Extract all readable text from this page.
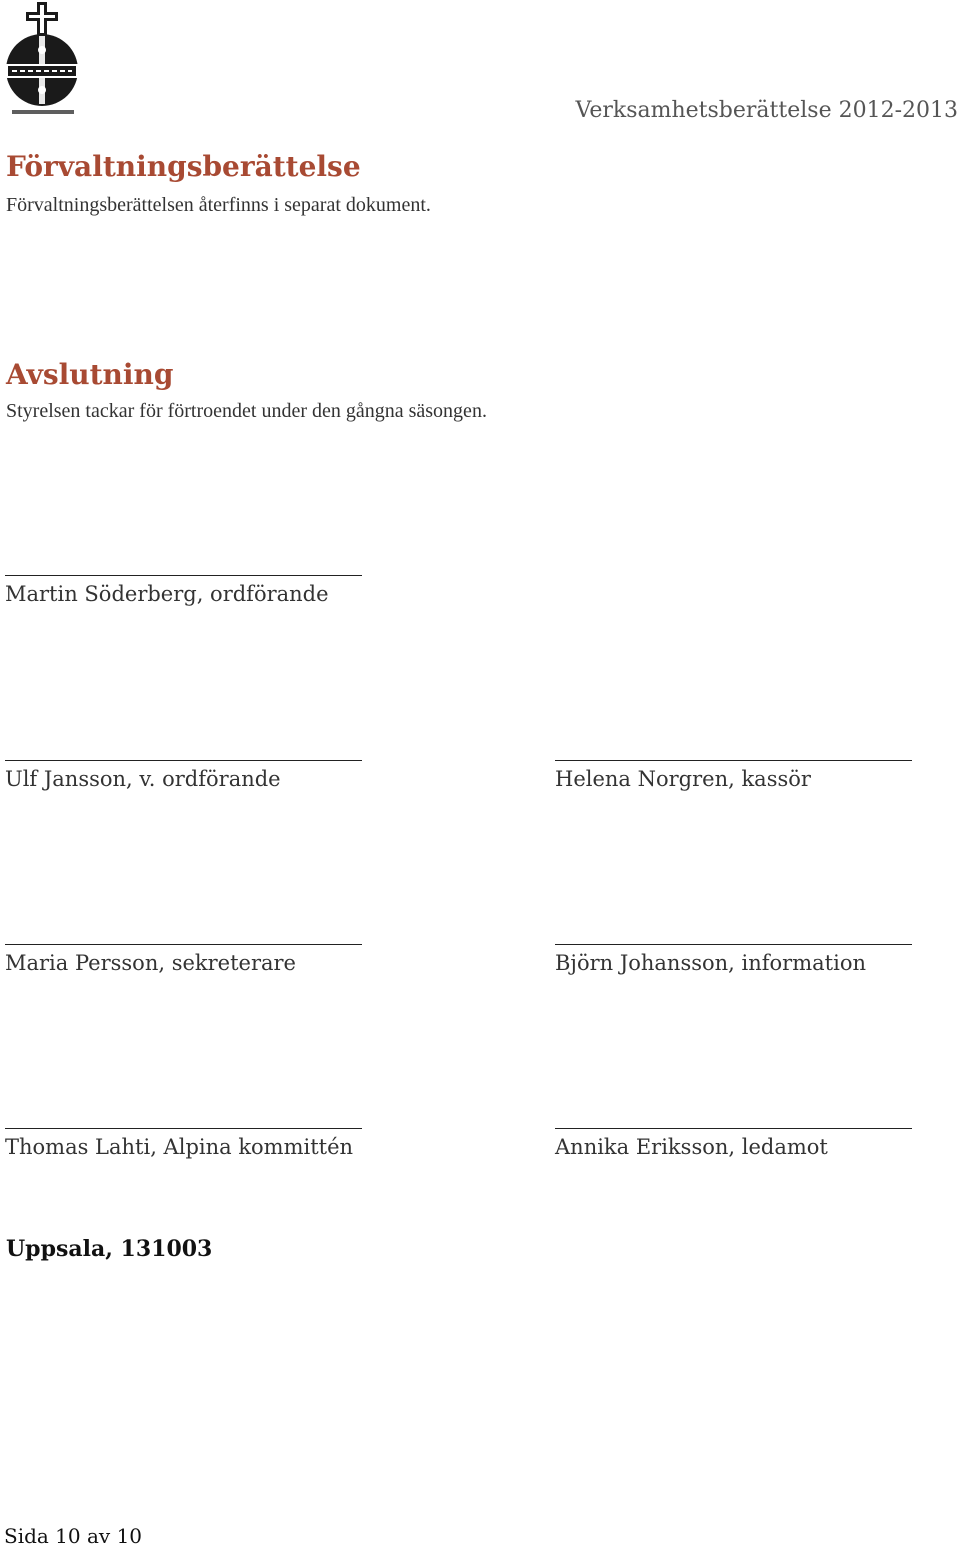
Verksamhetsberättelse 2012-2013
Förvaltningsberättelse
Förvaltningsberättelsen återfinns i separat dokument.
Avslutning
Styrelsen tackar för förtroendet under den gångna säsongen.
Martin Söderberg, ordförande
Ulf Jansson, v. ordförande	Helena Norgren, kassör
Maria Persson, sekreterare	Björn Johansson, information
Thomas Lahti, Alpina kommittén	Annika Eriksson, ledamot
Uppsala, 131003
Sida 10 av 10
